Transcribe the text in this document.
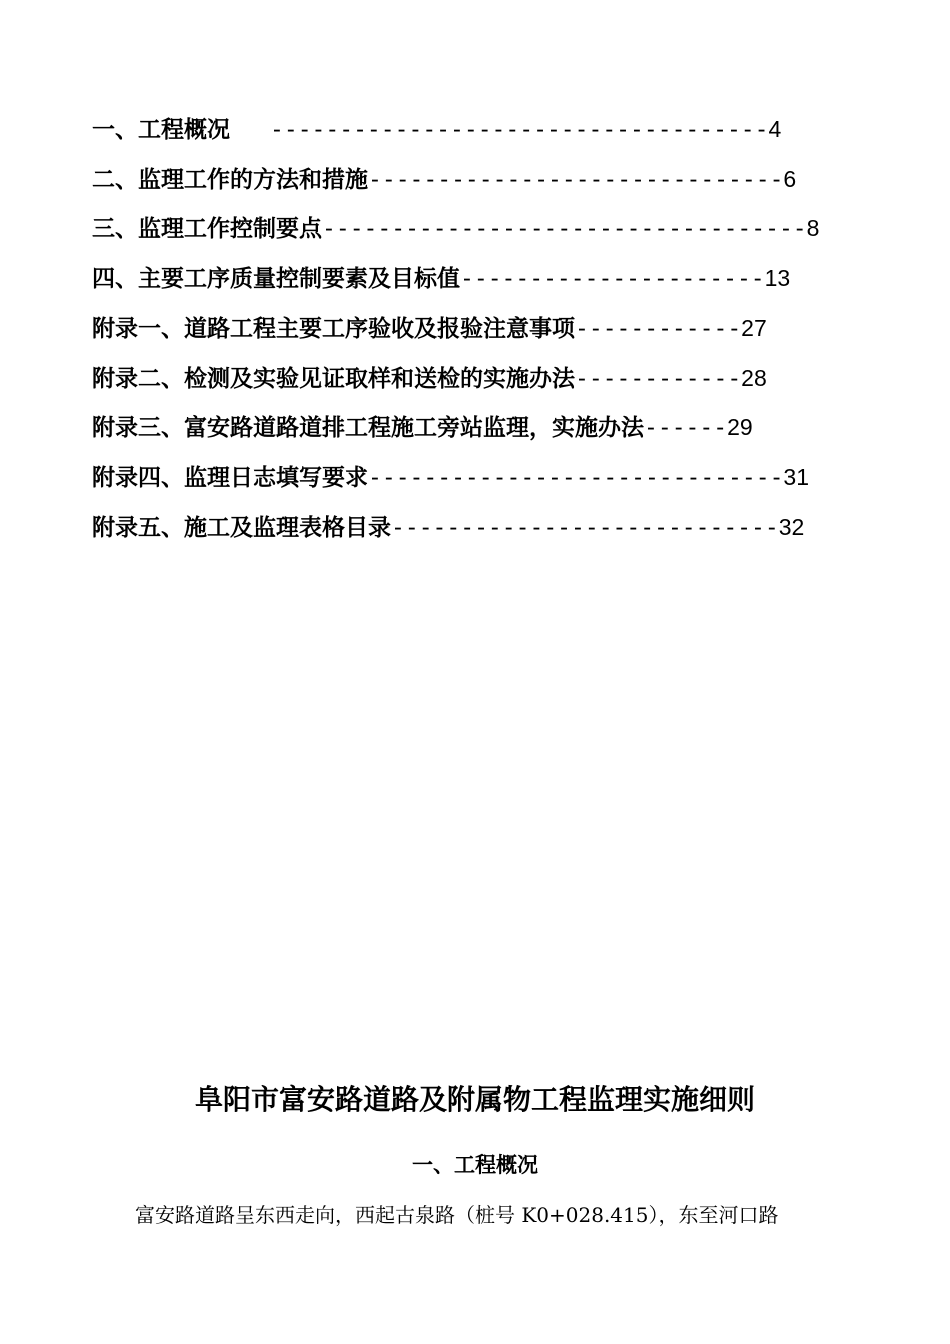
一、工程概况 ------------------------------------4
二、监理工作的方法和措施------------------------------6
三、监理工作控制要点-----------------------------------8
四、主要工序质量控制要素及目标值----------------------13
附录一、道路工程主要工序验收及报验注意事项------------27
附录二、检测及实验见证取样和送检的实施办法------------28
附录三、富安路道路道排工程施工旁站监理，实施办法------29
附录四、监理日志填写要求------------------------------31
附录五、施工及监理表格目录----------------------------32
阜阳市富安路道路及附属物工程监理实施细则
一、工程概况
富安路道路呈东西走向，西起古泉路（桩号 K0+028.415），东至河口路
